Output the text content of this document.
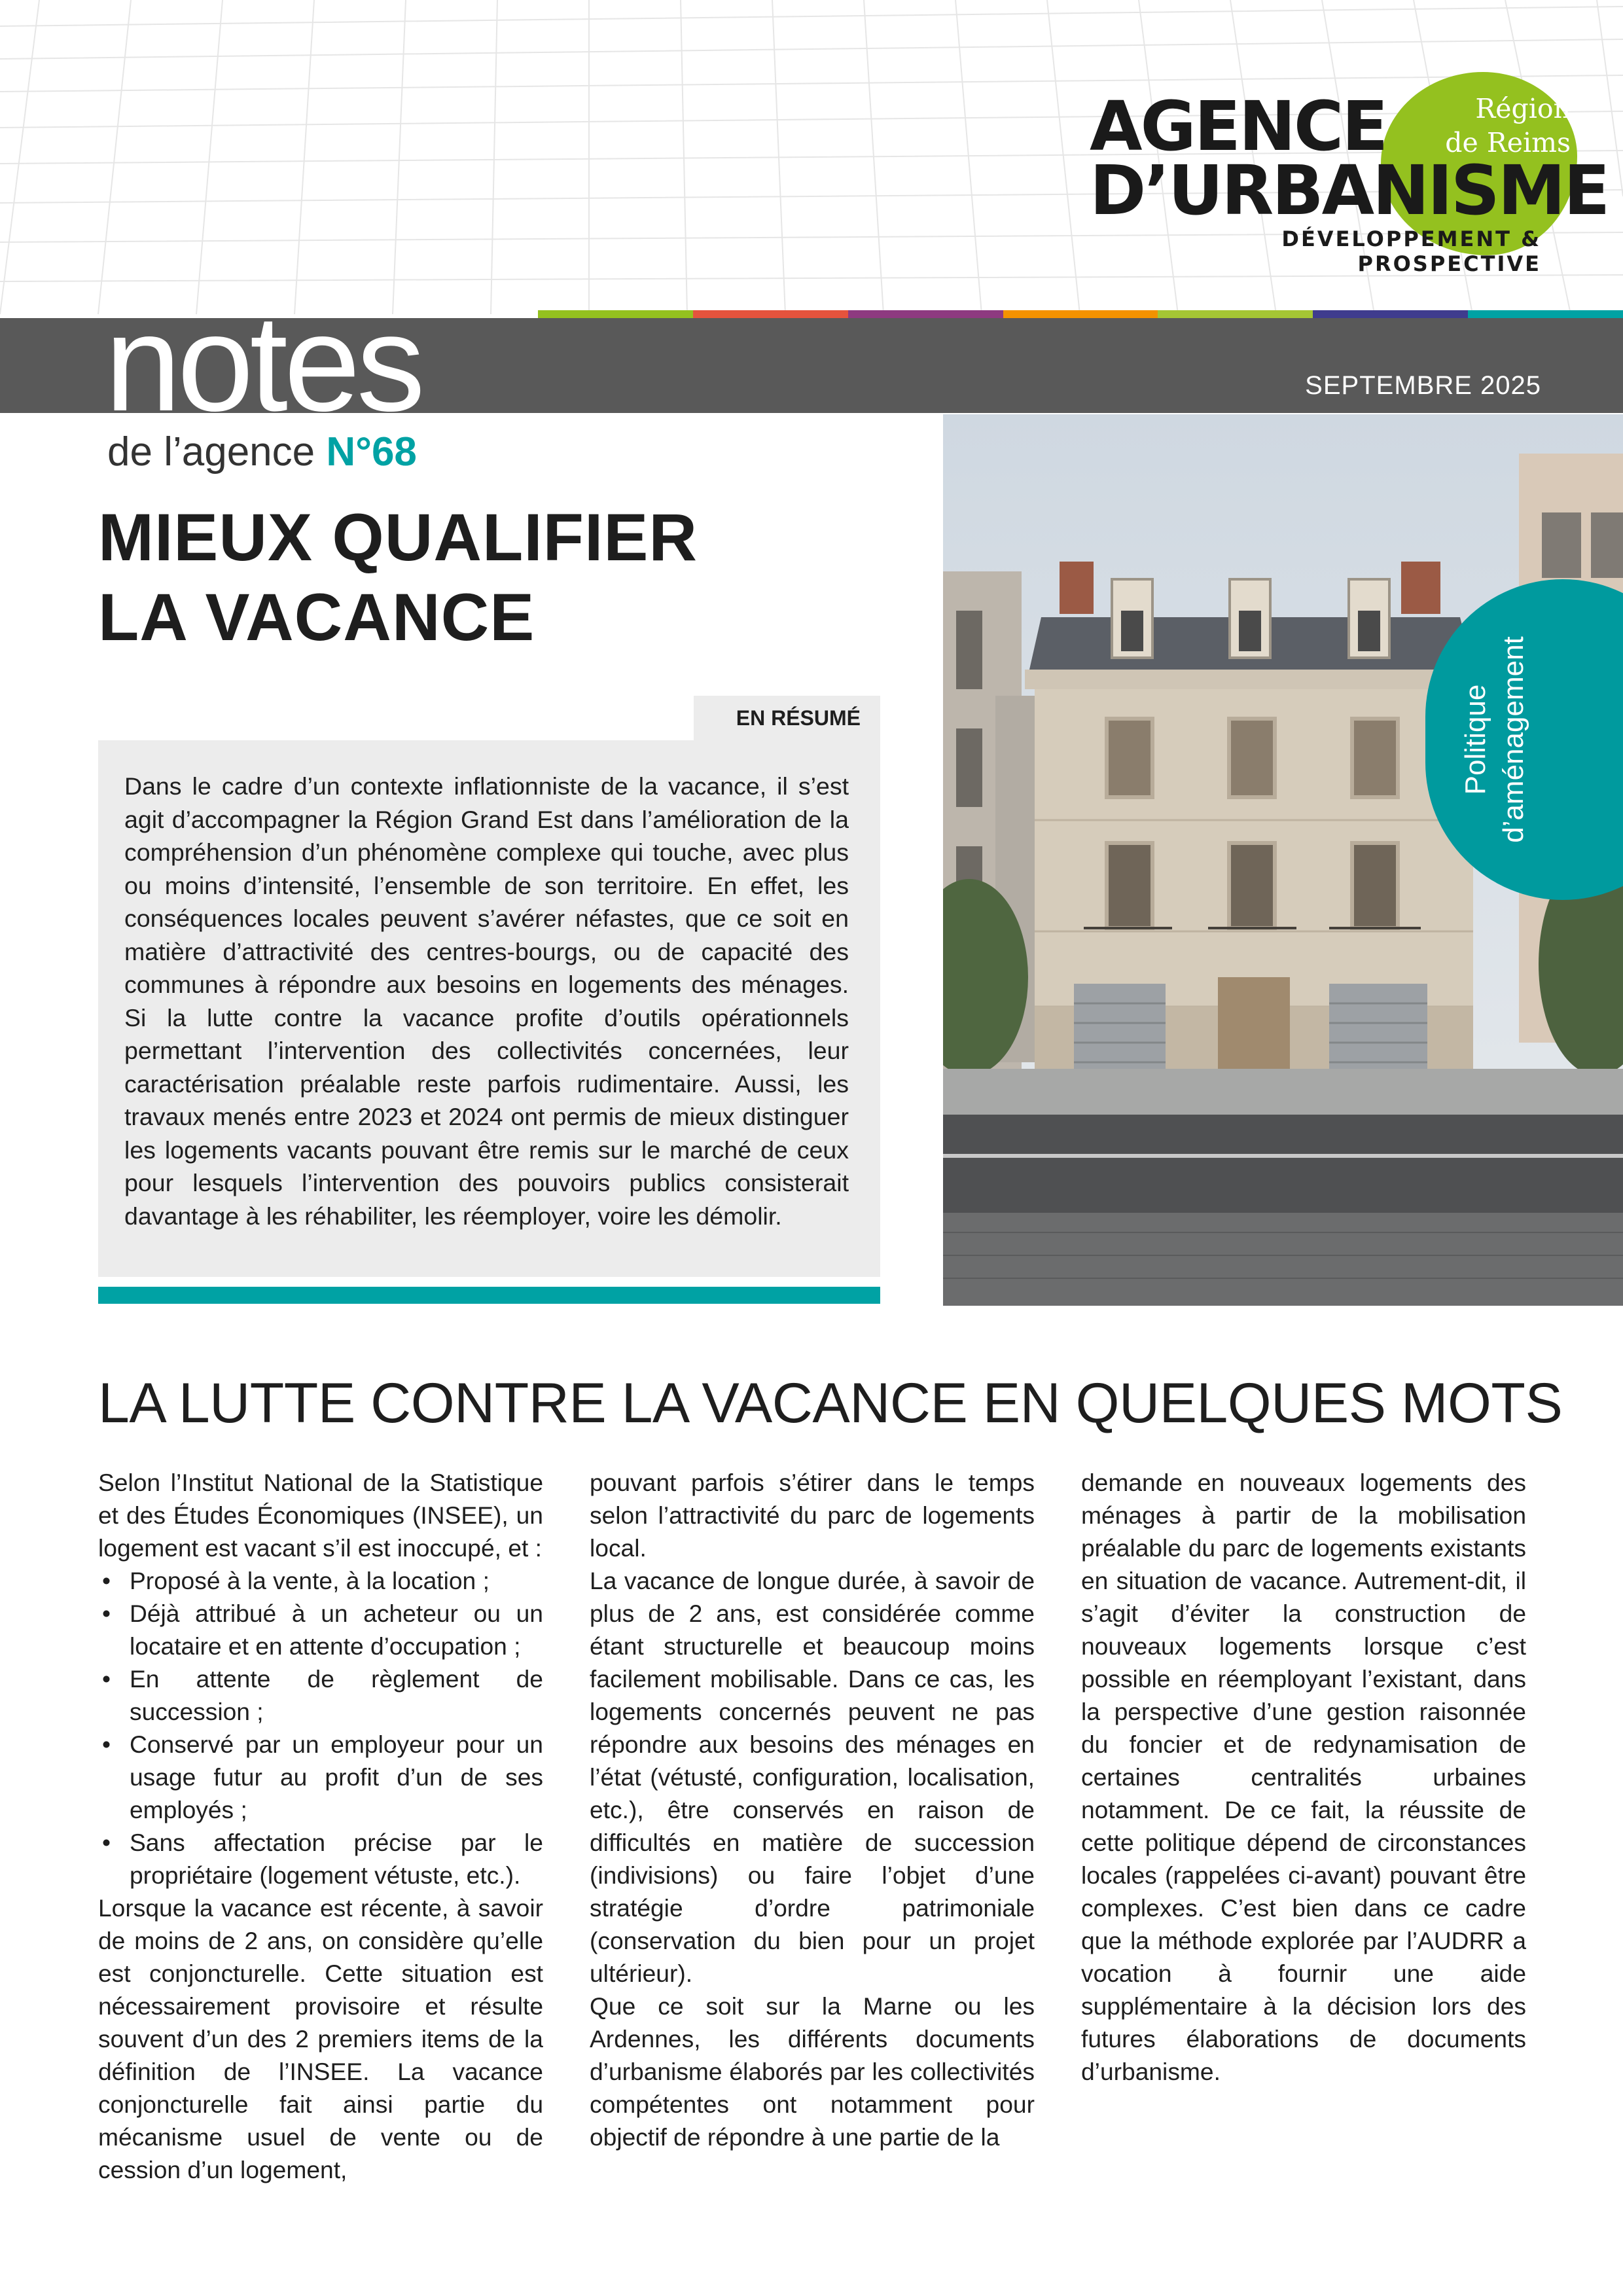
Région
de Reims
AGENCE
D’URBANISME
DÉVELOPPEMENT & PROSPECTIVE
notes	SEPTEMBRE 2025
de l’agence N°68
MIEUX QUALIFIER
LA VACANCE
EN RÉSUMÉ
Dans le cadre d’un contexte inflationniste de la vacance, il s’est agit d’accompagner la Région Grand Est dans l’amélioration de la compréhension d’un phénomène complexe qui touche, avec plus ou moins d’intensité, l’ensemble de son territoire. En effet, les conséquences locales peuvent s’avérer néfastes, que ce soit en matière d’attractivité des centres-bourgs, ou de capacité des communes à répondre aux besoins en logements des ménages. Si la lutte contre la vacance profite d’outils opérationnels permettant l’intervention des collectivités concernées, leur caractérisation préalable reste parfois rudimentaire. Aussi, les travaux menés entre 2023 et 2024 ont permis de mieux distinguer les logements vacants pouvant être remis sur le marché de ceux pour lesquels l’intervention des pouvoirs publics consisterait davantage à les réhabiliter, les réemployer, voire les démolir.
Politique d’aménagement
LA LUTTE CONTRE LA VACANCE EN QUELQUES MOTS

Selon l’Institut National de la Statistique et des Études Économiques (INSEE), un logement est vacant s’il est inoccupé, et :

• Proposé à la vente, à la location ;
• Déjà attribué à un acheteur ou un locataire et en attente d’occupation ;
• En attente de règlement de succession ;
• Conservé par un employeur pour un usage futur au profit d’un de ses employés ;
• Sans affectation précise par le propriétaire (logement vétuste, etc.).

Lorsque la vacance est récente, à savoir de moins de 2 ans, on considère qu’elle est conjoncturelle. Cette situation est nécessairement provisoire et résulte souvent d’un des 2 premiers items de la définition de l’INSEE. La vacance conjoncturelle fait ainsi partie du mécanisme usuel de vente ou de cession d’un logement,

pouvant parfois s’étirer dans le temps selon l’attractivité du parc de logements local.

La vacance de longue durée, à savoir de plus de 2 ans, est considérée comme étant structurelle et beaucoup moins facilement mobilisable. Dans ce cas, les logements concernés peuvent ne pas répondre aux besoins des ménages en l’état (vétusté, configuration, localisation, etc.), être conservés en raison de difficultés en matière de succession (indivisions) ou faire l’objet d’une stratégie d’ordre patrimoniale (conservation du bien pour un projet ultérieur).

Que ce soit sur la Marne ou les Ardennes, les différents documents d’urbanisme élaborés par les collectivités compétentes ont notamment pour objectif de répondre à une partie de la

demande en nouveaux logements des ménages à partir de la mobilisation préalable du parc de logements existants en situation de vacance. Autrement-dit, il s’agit d’éviter la construction de nouveaux logements lorsque c’est possible en réemployant l’existant, dans la perspective d’une gestion raisonnée du foncier et de redynamisation de certaines centralités urbaines notamment. De ce fait, la réussite de cette politique dépend de circonstances locales (rappelées ci-avant) pouvant être complexes. C’est bien dans ce cadre que la méthode explorée par l’AUDRR a vocation à fournir une aide supplémentaire à la décision lors des futures élaborations de documents d’urbanisme.
